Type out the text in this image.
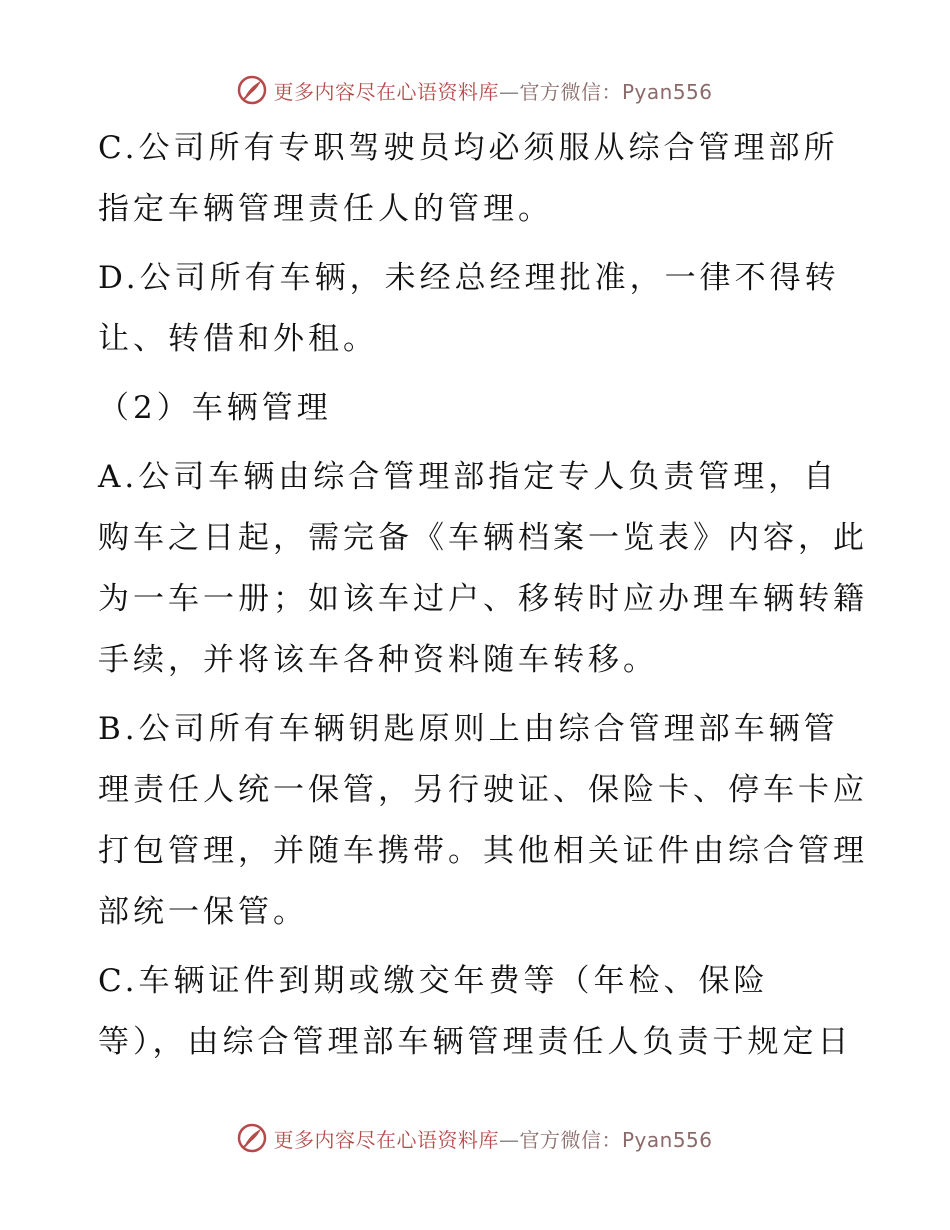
更多内容尽在心语资料库—官方微信：Pyan556

C.公司所有专职驾驶员均必须服从综合管理部所
指定车辆管理责任人的管理。

D.公司所有车辆，未经总经理批准，一律不得转
让、转借和外租。

（2）车辆管理

A.公司车辆由综合管理部指定专人负责管理，自
购车之日起，需完备《车辆档案一览表》内容，此
为一车一册；如该车过户、移转时应办理车辆转籍
手续，并将该车各种资料随车转移。

B.公司所有车辆钥匙原则上由综合管理部车辆管
理责任人统一保管，另行驶证、保险卡、停车卡应
打包管理，并随车携带。其他相关证件由综合管理
部统一保管。

C.车辆证件到期或缴交年费等（年检、保险
等），由综合管理部车辆管理责任人负责于规定日

更多内容尽在心语资料库—官方微信：Pyan556
